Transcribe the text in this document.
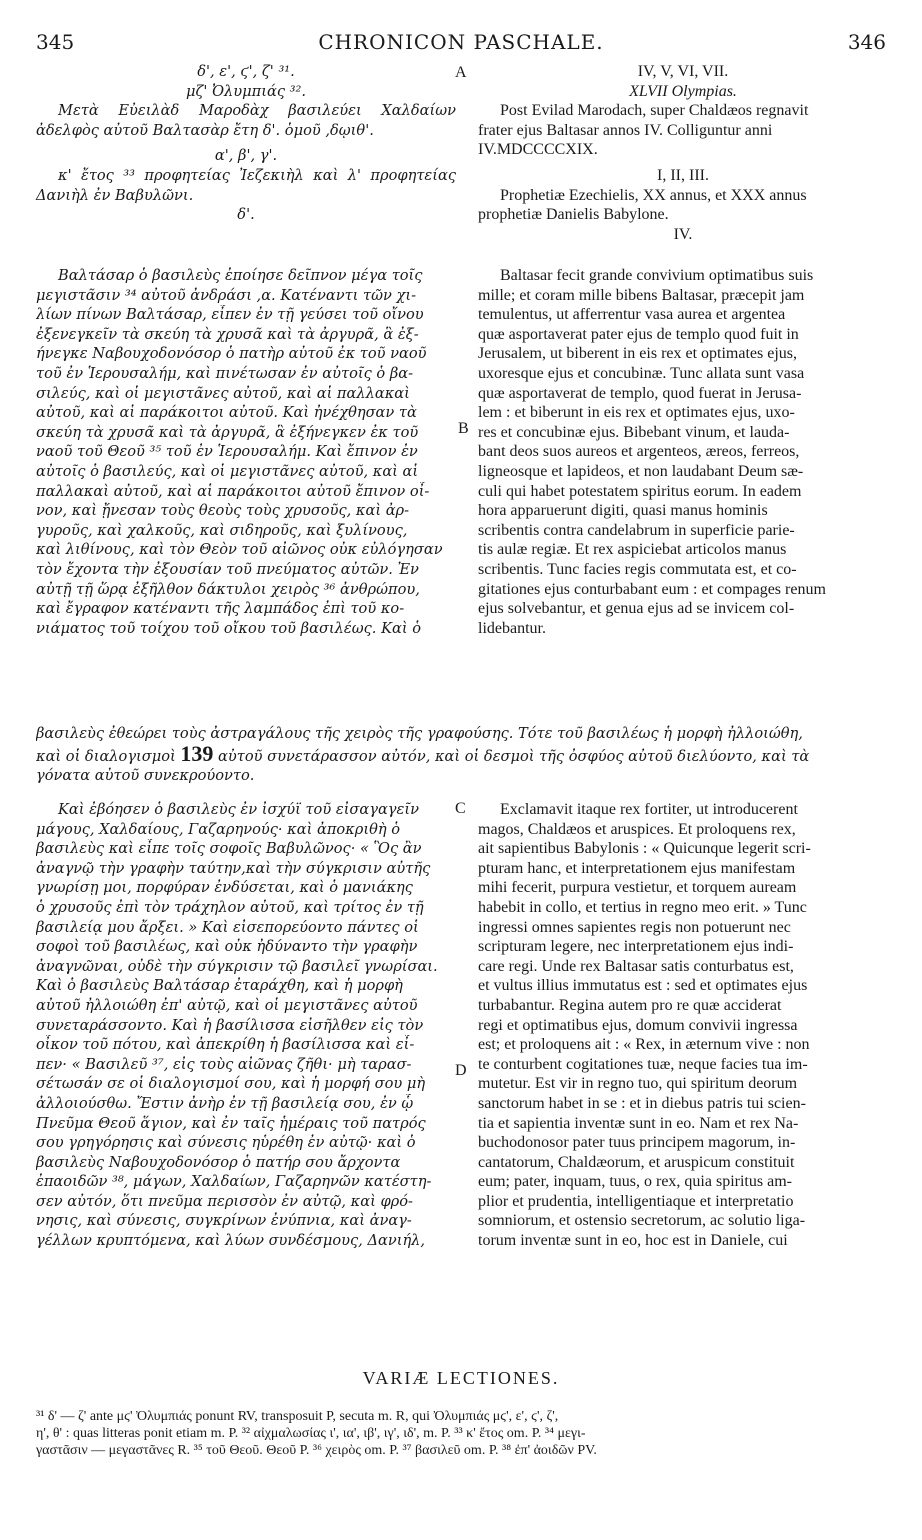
345	CHRONICON PASCHALE.	346
δ', ε', ϛ', ζ' ³¹.
μζ' Ὀλυμπιάς ³².
Μετὰ Εὐειλὰδ Μαροδὰχ βασιλεύει Χαλδαίων ἀδελφὸς αὐτοῦ Βαλτασὰρ ἔτη δ'. ὁμοῦ ,δῳιθ'.
α', β', γ'.
κ' ἔτος ³³ προφητείας Ἰεζεκιὴλ καὶ λ' προφητείας Δανιὴλ ἐν Βαβυλῶνι.
δ'.
Βαλτάσαρ ὁ βασιλεὺς ἐποίησε δεῖπνον μέγα τοῖς
μεγιστᾶσιν ³⁴ αὐτοῦ ἀνδράσι ,α. Κατέναντι τῶν χι-
λίων πίνων Βαλτάσαρ, εἶπεν ἐν τῇ γεύσει τοῦ οἴνου
ἐξενεγκεῖν τὰ σκεύη τὰ χρυσᾶ καὶ τὰ ἀργυρᾶ, ἃ ἐξ-
ήνεγκε Ναβουχοδονόσορ ὁ πατὴρ αὐτοῦ ἐκ τοῦ ναοῦ
τοῦ ἐν Ἱερουσαλήμ, καὶ πινέτωσαν ἐν αὐτοῖς ὁ βα-
σιλεύς, καὶ οἱ μεγιστᾶνες αὐτοῦ, καὶ αἱ παλλακαὶ
αὐτοῦ, καὶ αἱ παράκοιτοι αὐτοῦ. Καὶ ἠνέχθησαν τὰ
σκεύη τὰ χρυσᾶ καὶ τὰ ἀργυρᾶ, ἃ ἐξήνεγκεν ἐκ τοῦ
ναοῦ τοῦ Θεοῦ ³⁵ τοῦ ἐν Ἱερουσαλήμ. Καὶ ἔπινον ἐν
αὐτοῖς ὁ βασιλεύς, καὶ οἱ μεγιστᾶνες αὐτοῦ, καὶ αἱ
παλλακαὶ αὐτοῦ, καὶ αἱ παράκοιτοι αὐτοῦ ἔπινον οἶ-
νον, καὶ ᾔνεσαν τοὺς θεοὺς τοὺς χρυσοῦς, καὶ ἀρ-
γυροῦς, καὶ χαλκοῦς, καὶ σιδηροῦς, καὶ ξυλίνους,
καὶ λιθίνους, καὶ τὸν Θεὸν τοῦ αἰῶνος οὐκ εὐλόγησαν
τὸν ἔχοντα τὴν ἐξουσίαν τοῦ πνεύματος αὐτῶν. Ἐν
αὐτῇ τῇ ὥρᾳ ἐξῆλθον δάκτυλοι χειρὸς ³⁶ ἀνθρώπου,
καὶ ἔγραφον κατέναντι τῆς λαμπάδος ἐπὶ τοῦ κο-
νιάματος τοῦ τοίχου τοῦ οἴκου τοῦ βασιλέως. Καὶ ὁ
IV, V, VI, VII.
XLVII Olympias.
Post Evilad Marodach, super Chaldæos regnavit
frater ejus Baltasar annos IV. Colliguntur anni
IV.MDCCCCXIX.
I, II, III.
Prophetiæ Ezechielis, XX annus, et XXX annus
prophetiæ Danielis Babylone.
IV.
Baltasar fecit grande convivium optimatibus suis
mille; et coram mille bibens Baltasar, præcepit jam
temulentus, ut afferrentur vasa aurea et argentea
quæ asportaverat pater ejus de templo quod fuit in
Jerusalem, ut biberent in eis rex et optimates ejus,
uxoresque ejus et concubinæ. Tunc allata sunt vasa
quæ asportaverat de templo, quod fuerat in Jerusa-
lem : et biberunt in eis rex et optimates ejus, uxo-
res et concubinæ ejus. Bibebant vinum, et lauda-
bant deos suos aureos et argenteos, æreos, ferreos,
ligneosque et lapideos, et non laudabant Deum sæ-
culi qui habet potestatem spiritus eorum. In eadem
hora apparuerunt digiti, quasi manus hominis
scribentis contra candelabrum in superficie parie-
tis aulæ regiæ. Et rex aspiciebat articolos manus
scribentis. Tunc facies regis commutata est, et co-
gitationes ejus conturbabant eum : et compages renum
ejus solvebantur, et genua ejus ad se invicem col-
lidebantur.
A
B
C
D
βασιλεὺς ἐθεώρει τοὺς ἀστραγάλους τῆς χειρὸς τῆς γραφούσης. Τότε τοῦ βασιλέως ἡ μορφὴ ἠλλοιώθη,
καὶ οἱ διαλογισμοὶ 139 αὐτοῦ συνετάρασσον αὐτόν, καὶ οἱ δεσμοὶ τῆς ὀσφύος αὐτοῦ διελύοντο, καὶ τὰ
γόνατα αὐτοῦ συνεκρούοντο.
Καὶ ἐβόησεν ὁ βασιλεὺς ἐν ἰσχύϊ τοῦ εἰσαγαγεῖν
μάγους, Χαλδαίους, Γαζαρηνούς· καὶ ἀποκριθὴ ὁ
βασιλεὺς καὶ εἶπε τοῖς σοφοῖς Βαβυλῶνος· « Ὃς ἂν
ἀναγνῷ τὴν γραφὴν ταύτην,καὶ τὴν σύγκρισιν αὐτῆς
γνωρίσῃ μοι, πορφύραν ἐνδύσεται, καὶ ὁ μανιάκης
ὁ χρυσοῦς ἐπὶ τὸν τράχηλον αὐτοῦ, καὶ τρίτος ἐν τῇ
βασιλείᾳ μου ἄρξει. » Καὶ εἰσεπορεύοντο πάντες οἱ
σοφοὶ τοῦ βασιλέως, καὶ οὐκ ἠδύναντο τὴν γραφὴν
ἀναγνῶναι, οὐδὲ τὴν σύγκρισιν τῷ βασιλεῖ γνωρίσαι.
Καὶ ὁ βασιλεὺς Βαλτάσαρ ἐταράχθη, καὶ ἡ μορφὴ
αὐτοῦ ἠλλοιώθη ἐπ' αὐτῷ, καὶ οἱ μεγιστᾶνες αὐτοῦ
συνεταράσσοντο. Καὶ ἡ βασίλισσα εἰσῆλθεν εἰς τὸν
οἶκον τοῦ πότου, καὶ ἀπεκρίθη ἡ βασίλισσα καὶ εἶ-
πεν· « Βασιλεῦ ³⁷, εἰς τοὺς αἰῶνας ζῆθι· μὴ ταρασ-
σέτωσάν σε οἱ διαλογισμοί σου, καὶ ἡ μορφή σου μὴ
ἀλλοιούσθω. Ἔστιν ἀνὴρ ἐν τῇ βασιλείᾳ σου, ἐν ᾧ
Πνεῦμα Θεοῦ ἅγιον, καὶ ἐν ταῖς ἡμέραις τοῦ πατρός
σου γρηγόρησις καὶ σύνεσις ηὑρέθη ἐν αὐτῷ· καὶ ὁ
βασιλεὺς Ναβουχοδονόσορ ὁ πατήρ σου ἄρχοντα
ἐπαοιδῶν ³⁸, μάγων, Χαλδαίων, Γαζαρηνῶν κατέστη-
σεν αὐτόν, ὅτι πνεῦμα περισσὸν ἐν αὐτῷ, καὶ φρό-
νησις, καὶ σύνεσις, συγκρίνων ἐνύπνια, καὶ ἀναγ-
γέλλων κρυπτόμενα, καὶ λύων συνδέσμους, Δανιήλ,
Exclamavit itaque rex fortiter, ut introducerent
magos, Chaldæos et aruspices. Et proloquens rex,
ait sapientibus Babylonis : « Quicunque legerit scri-
pturam hanc, et interpretationem ejus manifestam
mihi fecerit, purpura vestietur, et torquem auream
habebit in collo, et tertius in regno meo erit. » Tunc
ingressi omnes sapientes regis non potuerunt nec
scripturam legere, nec interpretationem ejus indi-
care regi. Unde rex Baltasar satis conturbatus est,
et vultus illius immutatus est : sed et optimates ejus
turbabantur. Regina autem pro re quæ acciderat
regi et optimatibus ejus, domum convivii ingressa
est; et proloquens ait : « Rex, in æternum vive : non
te conturbent cogitationes tuæ, neque facies tua im-
mutetur. Est vir in regno tuo, qui spiritum deorum
sanctorum habet in se : et in diebus patris tui scien-
tia et sapientia inventæ sunt in eo. Nam et rex Na-
buchodonosor pater tuus principem magorum, in-
cantatorum, Chaldæorum, et aruspicum constituit
eum; pater, inquam, tuus, o rex, quia spiritus am-
plior et prudentia, intelligentiaque et interpretatio
somniorum, et ostensio secretorum, ac solutio liga-
torum inventæ sunt in eo, hoc est in Daniele, cui
VARIÆ LECTIONES.
³¹ δ' — ζ' ante μϛ' Ὀλυμπιάς ponunt RV, transposuit P, secuta m. R, qui Ὀλυμπιάς μϛ', ε', ϛ', ζ',
η', θ' : quas litteras ponit etiam m. P. ³² αἰχμαλωσίας ι', ια', ιβ', ιγ', ιδ', m. P. ³³ κ' ἔτος om. P. ³⁴ μεγι-
γαστᾶσιν — μεγαστᾶνες R. ³⁵ τοῦ Θεοῦ. Θεοῦ P. ³⁶ χειρὸς om. P. ³⁷ βασιλεῦ om. P. ³⁸ ἐπ' ἀοιδῶν PV.
